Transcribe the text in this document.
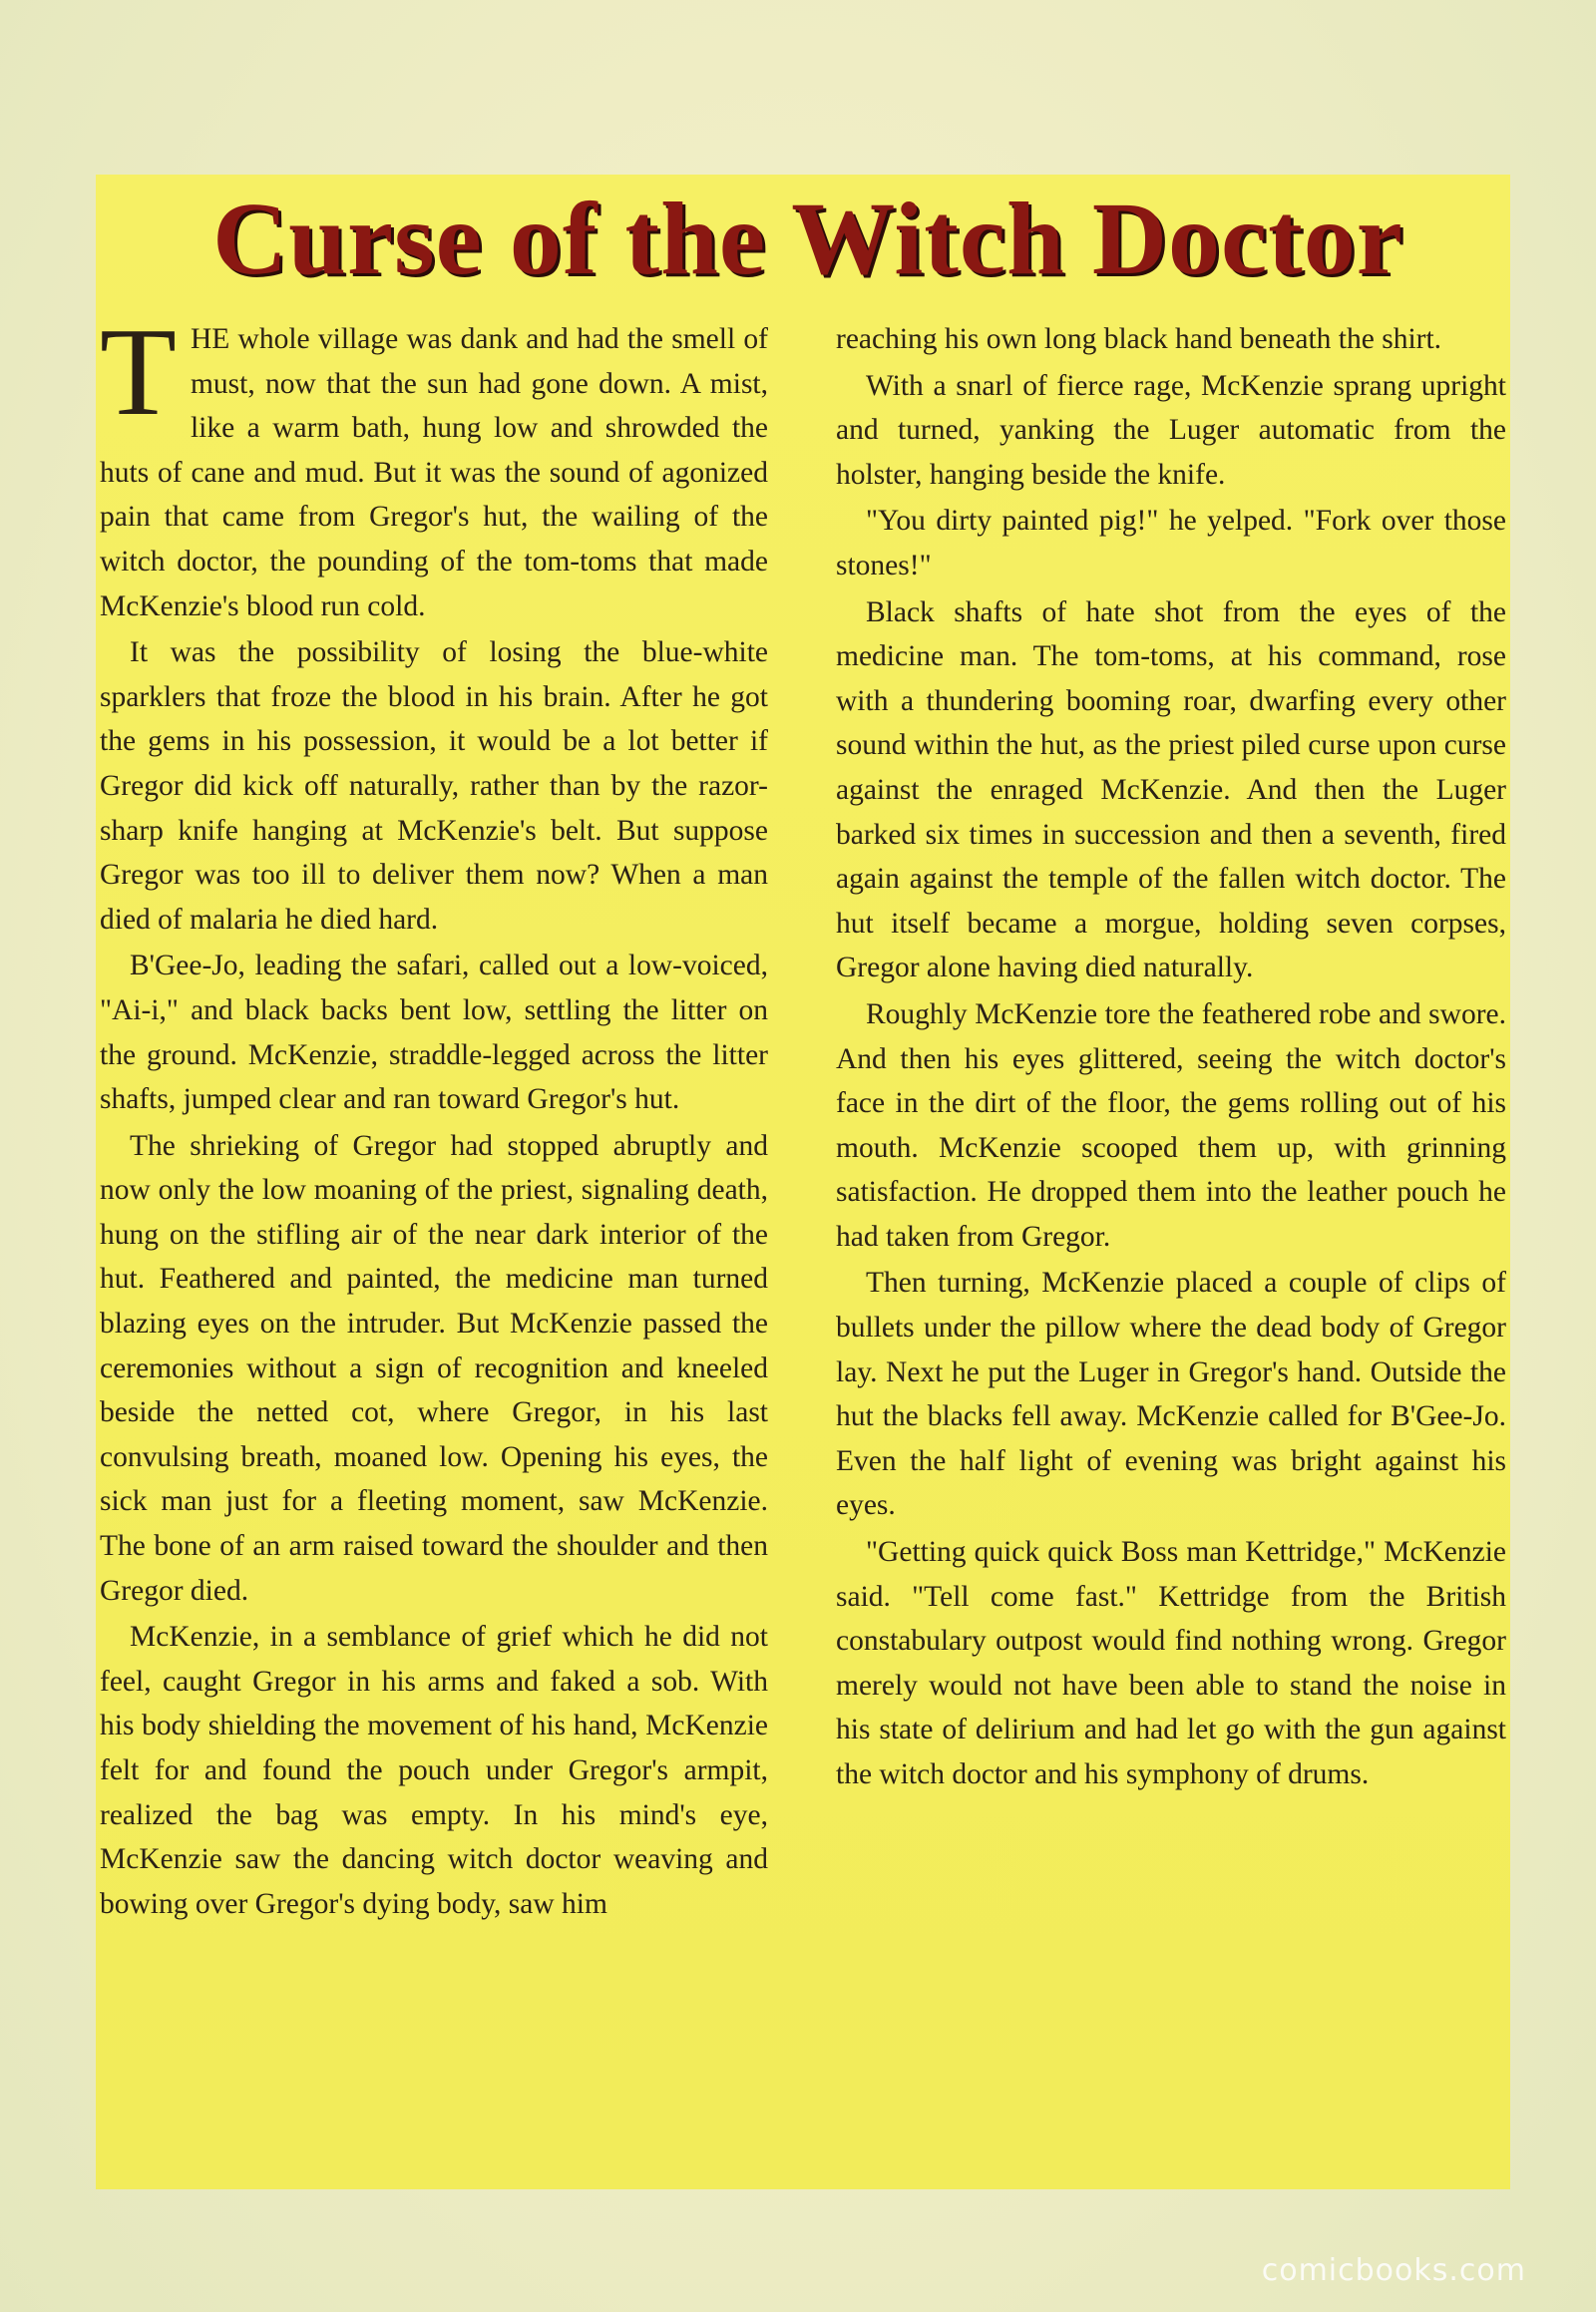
Curse of the Witch Doctor

THE whole village was dank and had the smell of must, now that the sun had gone down. A mist, like a warm bath, hung low and shrowded the huts of cane and mud. But it was the sound of agonized pain that came from Gregor's hut, the wailing of the witch doctor, the pounding of the tom-toms that made McKenzie's blood run cold.

It was the possibility of losing the blue-white sparklers that froze the blood in his brain. After he got the gems in his possession, it would be a lot better if Gregor did kick off naturally, rather than by the razor-sharp knife hanging at McKenzie's belt. But suppose Gregor was too ill to deliver them now? When a man died of malaria he died hard.

B'Gee-Jo, leading the safari, called out a low-voiced, "Ai-i," and black backs bent low, settling the litter on the ground. McKenzie, straddle-legged across the litter shafts, jumped clear and ran toward Gregor's hut.

The shrieking of Gregor had stopped abruptly and now only the low moaning of the priest, signaling death, hung on the stifling air of the near dark interior of the hut. Feathered and painted, the medicine man turned blazing eyes on the intruder. But McKenzie passed the ceremonies without a sign of recognition and kneeled beside the netted cot, where Gregor, in his last convulsing breath, moaned low. Opening his eyes, the sick man just for a fleeting moment, saw McKenzie. The bone of an arm raised toward the shoulder and then Gregor died.

McKenzie, in a semblance of grief which he did not feel, caught Gregor in his arms and faked a sob. With his body shielding the movement of his hand, McKenzie felt for and found the pouch under Gregor's armpit, realized the bag was empty. In his mind's eye, McKenzie saw the dancing witch doctor weaving and bowing over Gregor's dying body, saw him

reaching his own long black hand beneath the shirt.

With a snarl of fierce rage, McKenzie sprang upright and turned, yanking the Luger automatic from the holster, hanging beside the knife.

"You dirty painted pig!" he yelped. "Fork over those stones!"

Black shafts of hate shot from the eyes of the medicine man. The tom-toms, at his command, rose with a thundering booming roar, dwarfing every other sound within the hut, as the priest piled curse upon curse against the enraged McKenzie. And then the Luger barked six times in succession and then a seventh, fired again against the temple of the fallen witch doctor. The hut itself became a morgue, holding seven corpses, Gregor alone having died naturally.

Roughly McKenzie tore the feathered robe and swore. And then his eyes glittered, seeing the witch doctor's face in the dirt of the floor, the gems rolling out of his mouth. McKenzie scooped them up, with grinning satisfaction. He dropped them into the leather pouch he had taken from Gregor.

Then turning, McKenzie placed a couple of clips of bullets under the pillow where the dead body of Gregor lay. Next he put the Luger in Gregor's hand. Outside the hut the blacks fell away. McKenzie called for B'Gee-Jo. Even the half light of evening was bright against his eyes.

"Getting quick quick Boss man Kettridge," McKenzie said. "Tell come fast." Kettridge from the British constabulary outpost would find nothing wrong. Gregor merely would not have been able to stand the noise in his state of delirium and had let go with the gun against the witch doctor and his symphony of drums.

comicbooks.com
